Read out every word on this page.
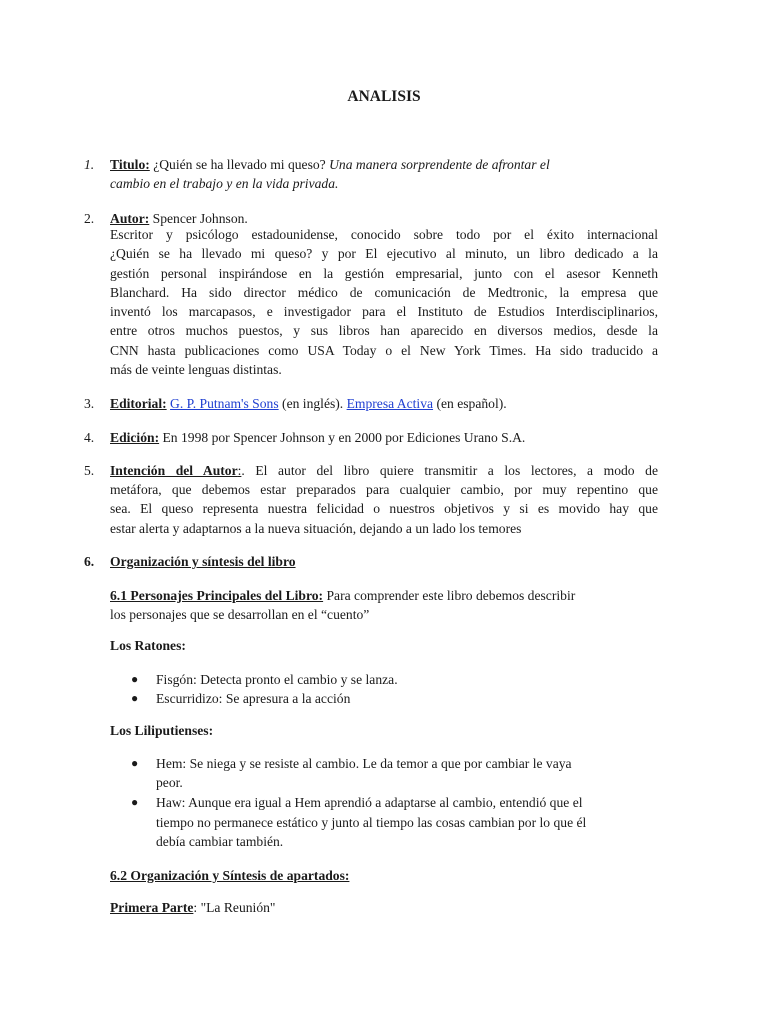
ANALISIS
1. Titulo: ¿Quién se ha llevado mi queso? Una manera sorprendente de afrontar el
cambio en el trabajo y en la vida privada.
2. Autor: Spencer Johnson.
Escritor y psicólogo estadounidense, conocido sobre todo por el éxito internacional
¿Quién se ha llevado mi queso? y por El ejecutivo al minuto, un libro dedicado a la
gestión personal inspirándose en la gestión empresarial, junto con el asesor Kenneth
Blanchard. Ha sido director médico de comunicación de Medtronic, la empresa que
inventó los marcapasos, e investigador para el Instituto de Estudios Interdisciplinarios,
entre otros muchos puestos, y sus libros han aparecido en diversos medios, desde la
CNN hasta publicaciones como USA Today o el New York Times. Ha sido traducido a
más de veinte lenguas distintas.
3. Editorial: G. P. Putnam's Sons (en inglés). Empresa Activa (en español).
4. Edición: En 1998 por Spencer Johnson y en 2000 por Ediciones Urano S.A.
5. Intención del Autor:. El autor del libro quiere transmitir a los lectores, a modo de
metáfora, que debemos estar preparados para cualquier cambio, por muy repentino que
sea. El queso representa nuestra felicidad o nuestros objetivos y si es movido hay que
estar alerta y adaptarnos a la nueva situación, dejando a un lado los temores
6. Organización y síntesis del libro
6.1 Personajes Principales del Libro: Para comprender este libro debemos describir
los personajes que se desarrollan en el “cuento”
Los Ratones:
● Fisgón: Detecta pronto el cambio y se lanza.
● Escurridizo: Se apresura a la acción
Los Liliputienses:
● Hem: Se niega y se resiste al cambio. Le da temor a que por cambiar le vaya
peor.
● Haw: Aunque era igual a Hem aprendió a adaptarse al cambio, entendió que el
tiempo no permanece estático y junto al tiempo las cosas cambian por lo que él
debía cambiar también.
6.2 Organización y Síntesis de apartados:
Primera Parte: "La Reunión"
